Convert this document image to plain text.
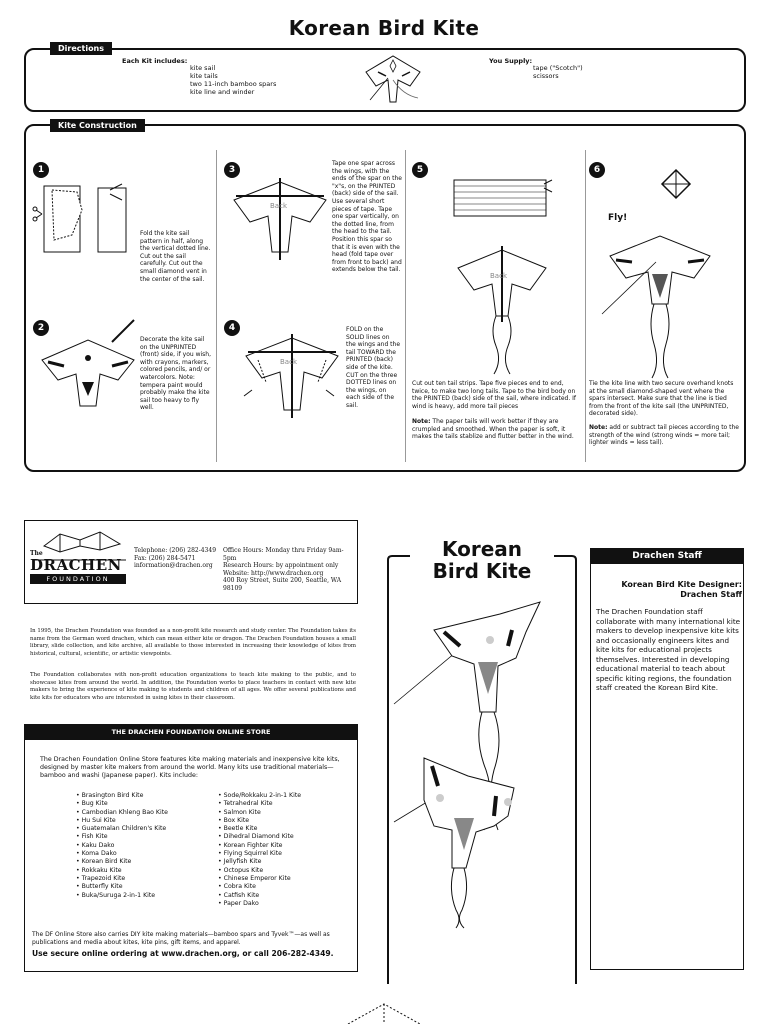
Korean Bird Kite
Directions
Each Kit includes:
kite sail
kite tails
two 11-inch bamboo spars
kite line and winder
You Supply:
tape ("Scotch")
scissors
Kite Construction
1
Fold the kite sail pattern in half, along the vertical dotted line. Cut out the sail carefully. Cut out the small diamond vent in the center of the sail.
2
Decorate the kite sail on the UNPRINTED (front) side, if you wish, with crayons, markers, colored pencils, and/ or watercolors. Note: tempera paint would probably make the kite sail too heavy to fly well.
3
Back
Tape one spar across the wings, with the ends of the spar on the "x"s, on the PRINTED (back) side of the sail. Use several short pieces of tape. Tape one spar vertically, on the dotted line, from the head to the tail. Position this spar so that it is even with the head (fold tape over from front to back) and extends below the tail.
4
Back
FOLD on the SOLID lines on the wings and the tail TOWARD the PRINTED (back) side of the kite. CUT on the three DOTTED lines on the wings, on each side of the sail.
5
Back
Cut out ten tail strips. Tape five pieces end to end, twice, to make two long tails. Tape to the bird body on the PRINTED (back) side of the sail, where indicated. If wind is heavy, add more tail pieces
Note: The paper tails will work better if they are crumpled and smoothed. When the paper is soft, it makes the tails stablize and flutter better in the wind.
6
Fly!
Tie the kite line with two secure overhand knots at the small diamond-shaped vent where the spars intersect. Make sure that the line is tied from the front of the kite sail (the UNPRINTED, decorated side).
Note: add or subtract tail pieces according to the strength of the wind (strong winds = more tail; lighter winds = less tail).
The
DRACHEN
FOUNDATION
Telephone: (206) 282-4349
Fax: (206) 284-5471
information@drachen.org
Office Hours: Monday thru Friday 9am-5pm
Research Hours: by appointment only
Website: http://www.drachen.org
400 Roy Street, Suite 200, Seattle, WA 98109
In 1995, the Drachen Foundation was founded as a non-profit kite research and study center. The Foundation takes its name from the German word drachen, which can mean either kite or dragon. The Drachen Foundation houses a small library, slide collection, and kite archive, all available to those interested in increasing their knowledge of kites from historical, cultural, scientific, or artistic viewpoints.
The Foundation collaborates with non-profit education organizations to teach kite making to the public, and to showcase kites from around the world. In addition, the Foundation works to place teachers in contact with new kite makers to bring the experience of kite making to students and children of all ages. We offer several publications and kite kits for educators who are interested in using kites in their classroom.
THE DRACHEN FOUNDATION ONLINE STORE
The Drachen Foundation Online Store features kite making materials and inexpensive kite kits, designed by master kite makers from around the world. Many kits use traditional materials—bamboo and washi (Japanese paper). Kits include:
• Brasington Bird Kite
• Bug Kite
• Cambodian Khleng Bao Kite
• Hu Sui Kite
• Guatemalan Children's Kite
• Fish Kite
• Kaku Dako
• Koma Dako
• Korean Bird Kite
• Rokkaku Kite
• Trapezoid Kite
• Butterfly Kite
• Buka/Suruga 2-in-1 Kite
• Sode/Rokkaku 2-in-1 Kite
• Tetrahedral Kite
• Salmon Kite
• Box Kite
• Beetle Kite
• Dihedral Diamond Kite
• Korean Fighter Kite
• Flying Squirrel Kite
• Jellyfish Kite
• Octopus Kite
• Chinese Emperor Kite
• Cobra Kite
• Catfish Kite
• Paper Dako
The DF Online Store also carries DIY kite making materials—bamboo spars and Tyvek™—as well as publications and media about kites, kite pins, gift items, and apparel.
Use secure online ordering at www.drachen.org, or call 206-282-4349.
Korean
Bird Kite
Drachen Staff
Korean Bird Kite Designer:
Drachen Staff
The Drachen Foundation staff collaborate with many international kite makers to develop inexpensive kite kits and occasionally engineers kites and kite kits for educational projects themselves. Interested in developing educational material to teach about specific kiting regions, the foundation staff created the Korean Bird Kite.
